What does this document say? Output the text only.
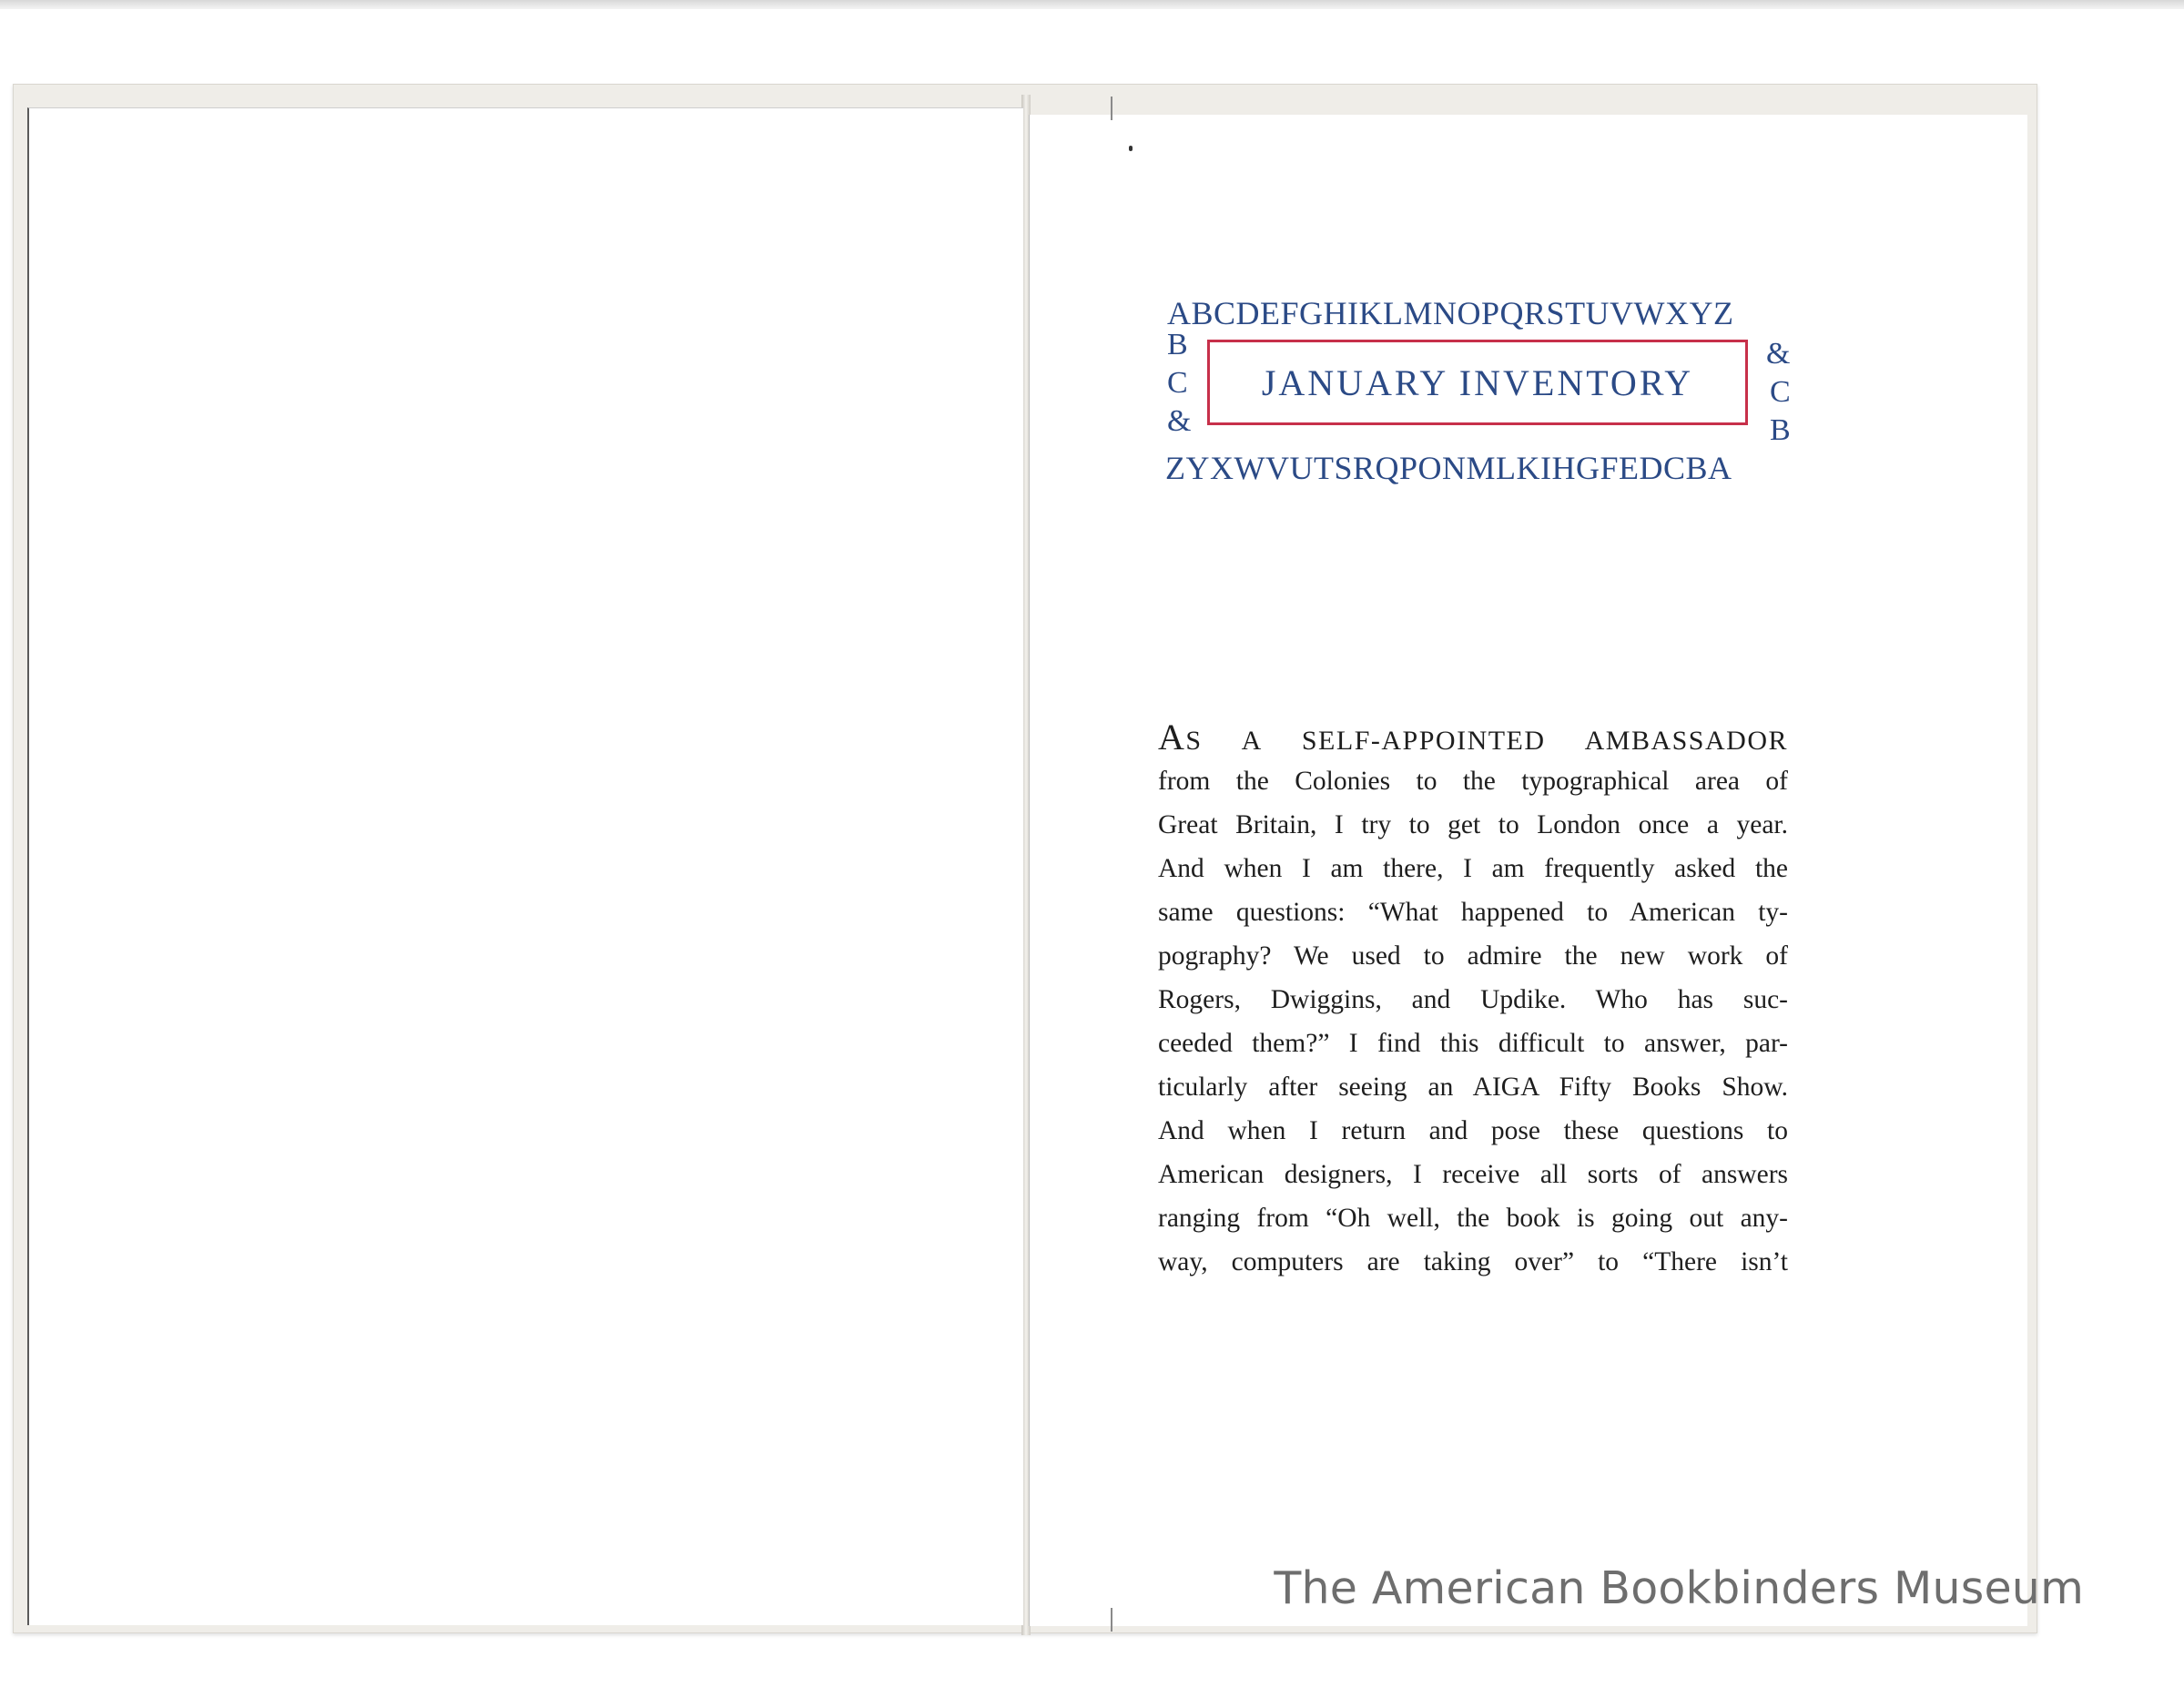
ABCDEFGHIKLMNOPQRSTUVWXYZ
B
C
&
&
C
B
JANUARY INVENTORY
ZYXWVUTSRQPONMLKIHGFEDCBA
AS A SELF-APPOINTED AMBASSADOR
from the Colonies to the typographical area of
Great Britain, I try to get to London once a year.
And when I am there, I am frequently asked the
same questions: “What happened to American ty-
pography? We used to admire the new work of
Rogers, Dwiggins, and Updike. Who has suc-
ceeded them?” I find this difficult to answer, par-
ticularly after seeing an AIGA Fifty Books Show.
And when I return and pose these questions to
American designers, I receive all sorts of answers
ranging from “Oh well, the book is going out any-
way, computers are taking over” to “There isn’t
The American Bookbinders Museum
